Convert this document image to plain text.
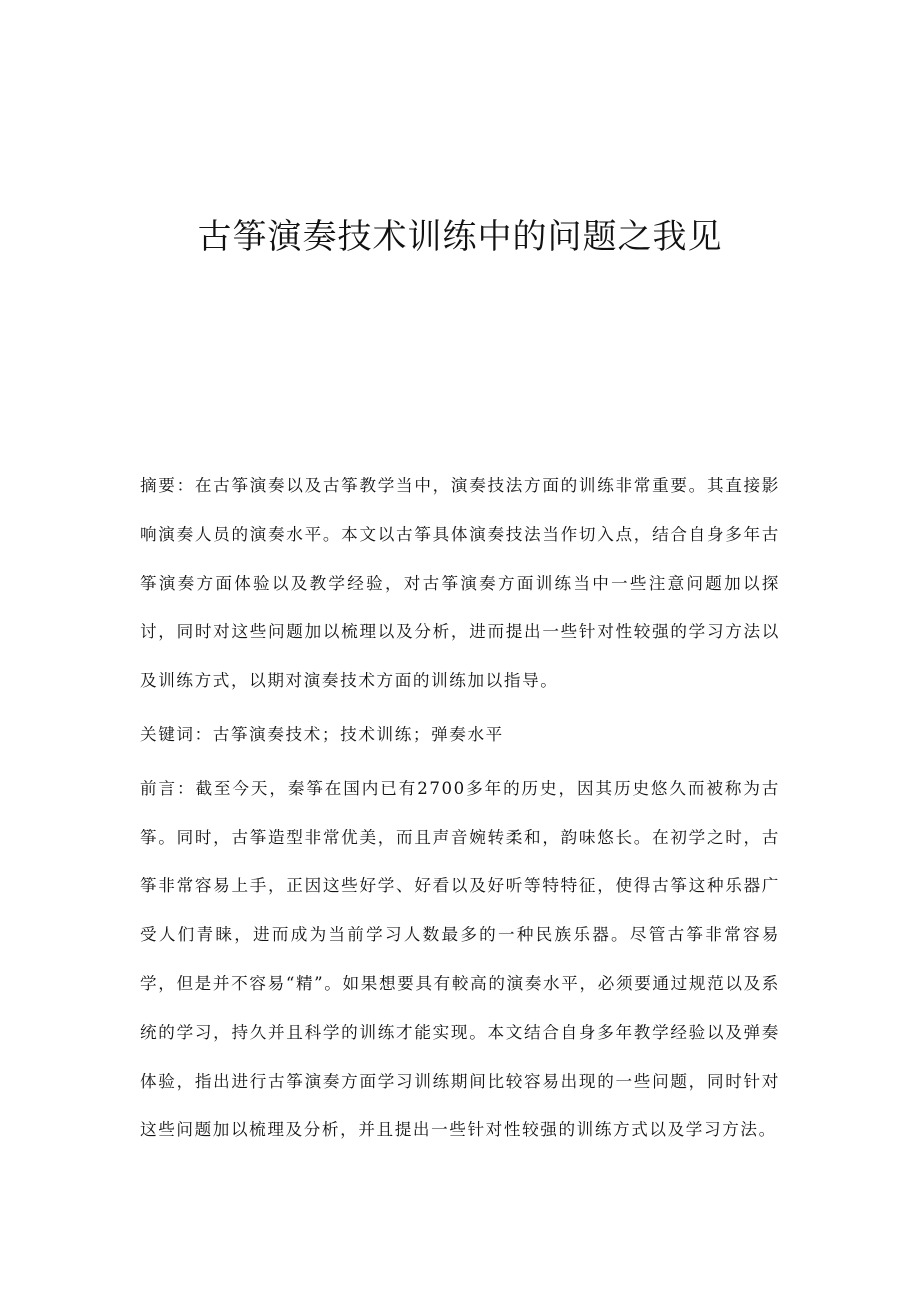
古筝演奏技术训练中的问题之我见

摘要：在古筝演奏以及古筝教学当中，演奏技法方面的训练非常重要。其直接影响演奏人员的演奏水平。本文以古筝具体演奏技法当作切入点，结合自身多年古筝演奏方面体验以及教学经验，对古筝演奏方面训练当中一些注意问题加以探讨，同时对这些问题加以梳理以及分析，进而提出一些针对性较强的学习方法以及训练方式，以期对演奏技术方面的训练加以指导。

关键词：古筝演奏技术；技术训练；弹奏水平

前言：截至今天，秦筝在国内已有2700多年的历史，因其历史悠久而被称为古筝。同时，古筝造型非常优美，而且声音婉转柔和，韵味悠长。在初学之时，古筝非常容易上手，正因这些好学、好看以及好听等特特征，使得古筝这种乐器广受人们青睐，进而成为当前学习人数最多的一种民族乐器。尽管古筝非常容易学，但是并不容易“精”。如果想要具有較高的演奏水平，必须要通过规范以及系统的学习，持久并且科学的训练才能实现。本文结合自身多年教学经验以及弹奏体验，指出进行古筝演奏方面学习训练期间比较容易出现的一些问题，同时针对这些问题加以梳理及分析，并且提出一些针对性较强的训练方式以及学习方法。
